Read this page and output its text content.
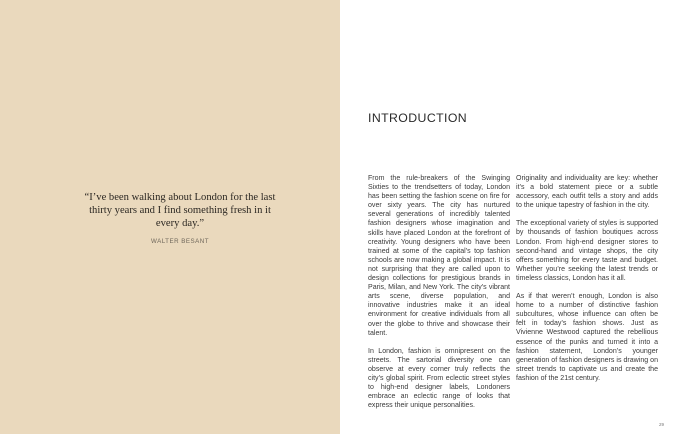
“I’ve been walking about London for the last thirty years and I find something fresh in it every day.”
WALTER BESANT
INTRODUCTION

From the rule-breakers of the Swinging Sixties to the trendsetters of today, London has been setting the fashion scene on fire for over sixty years. The city has nurtured several generations of incredibly talented fashion designers whose imagination and skills have placed London at the forefront of creativity. Young designers who have been trained at some of the capital’s top fashion schools are now making a global impact. It is not surprising that they are called upon to design collections for prestigious brands in Paris, Milan, and New York. The city’s vibrant arts scene, diverse population, and innovative industries make it an ideal environment for creative individuals from all over the globe to thrive and showcase their talent.

In London, fashion is omnipresent on the streets. The sartorial diversity one can observe at every corner truly reflects the city’s global spirit. From eclectic street styles to high-end designer labels, Londoners embrace an eclectic range of looks that express their unique personalities.

Originality and individuality are key: whether it’s a bold statement piece or a subtle accessory, each outfit tells a story and adds to the unique tapestry of fashion in the city.

The exceptional variety of styles is supported by thousands of fashion boutiques across London. From high-end designer stores to second-hand and vintage shops, the city offers something for every taste and budget. Whether you’re seeking the latest trends or timeless classics, London has it all.

As if that weren’t enough, London is also home to a number of distinctive fashion subcultures, whose influence can often be felt in today’s fashion shows. Just as Vivienne Westwood captured the rebellious essence of the punks and turned it into a fashion statement, London’s younger generation of fashion designers is drawing on street trends to captivate us and create the fashion of the 21st century.

29
